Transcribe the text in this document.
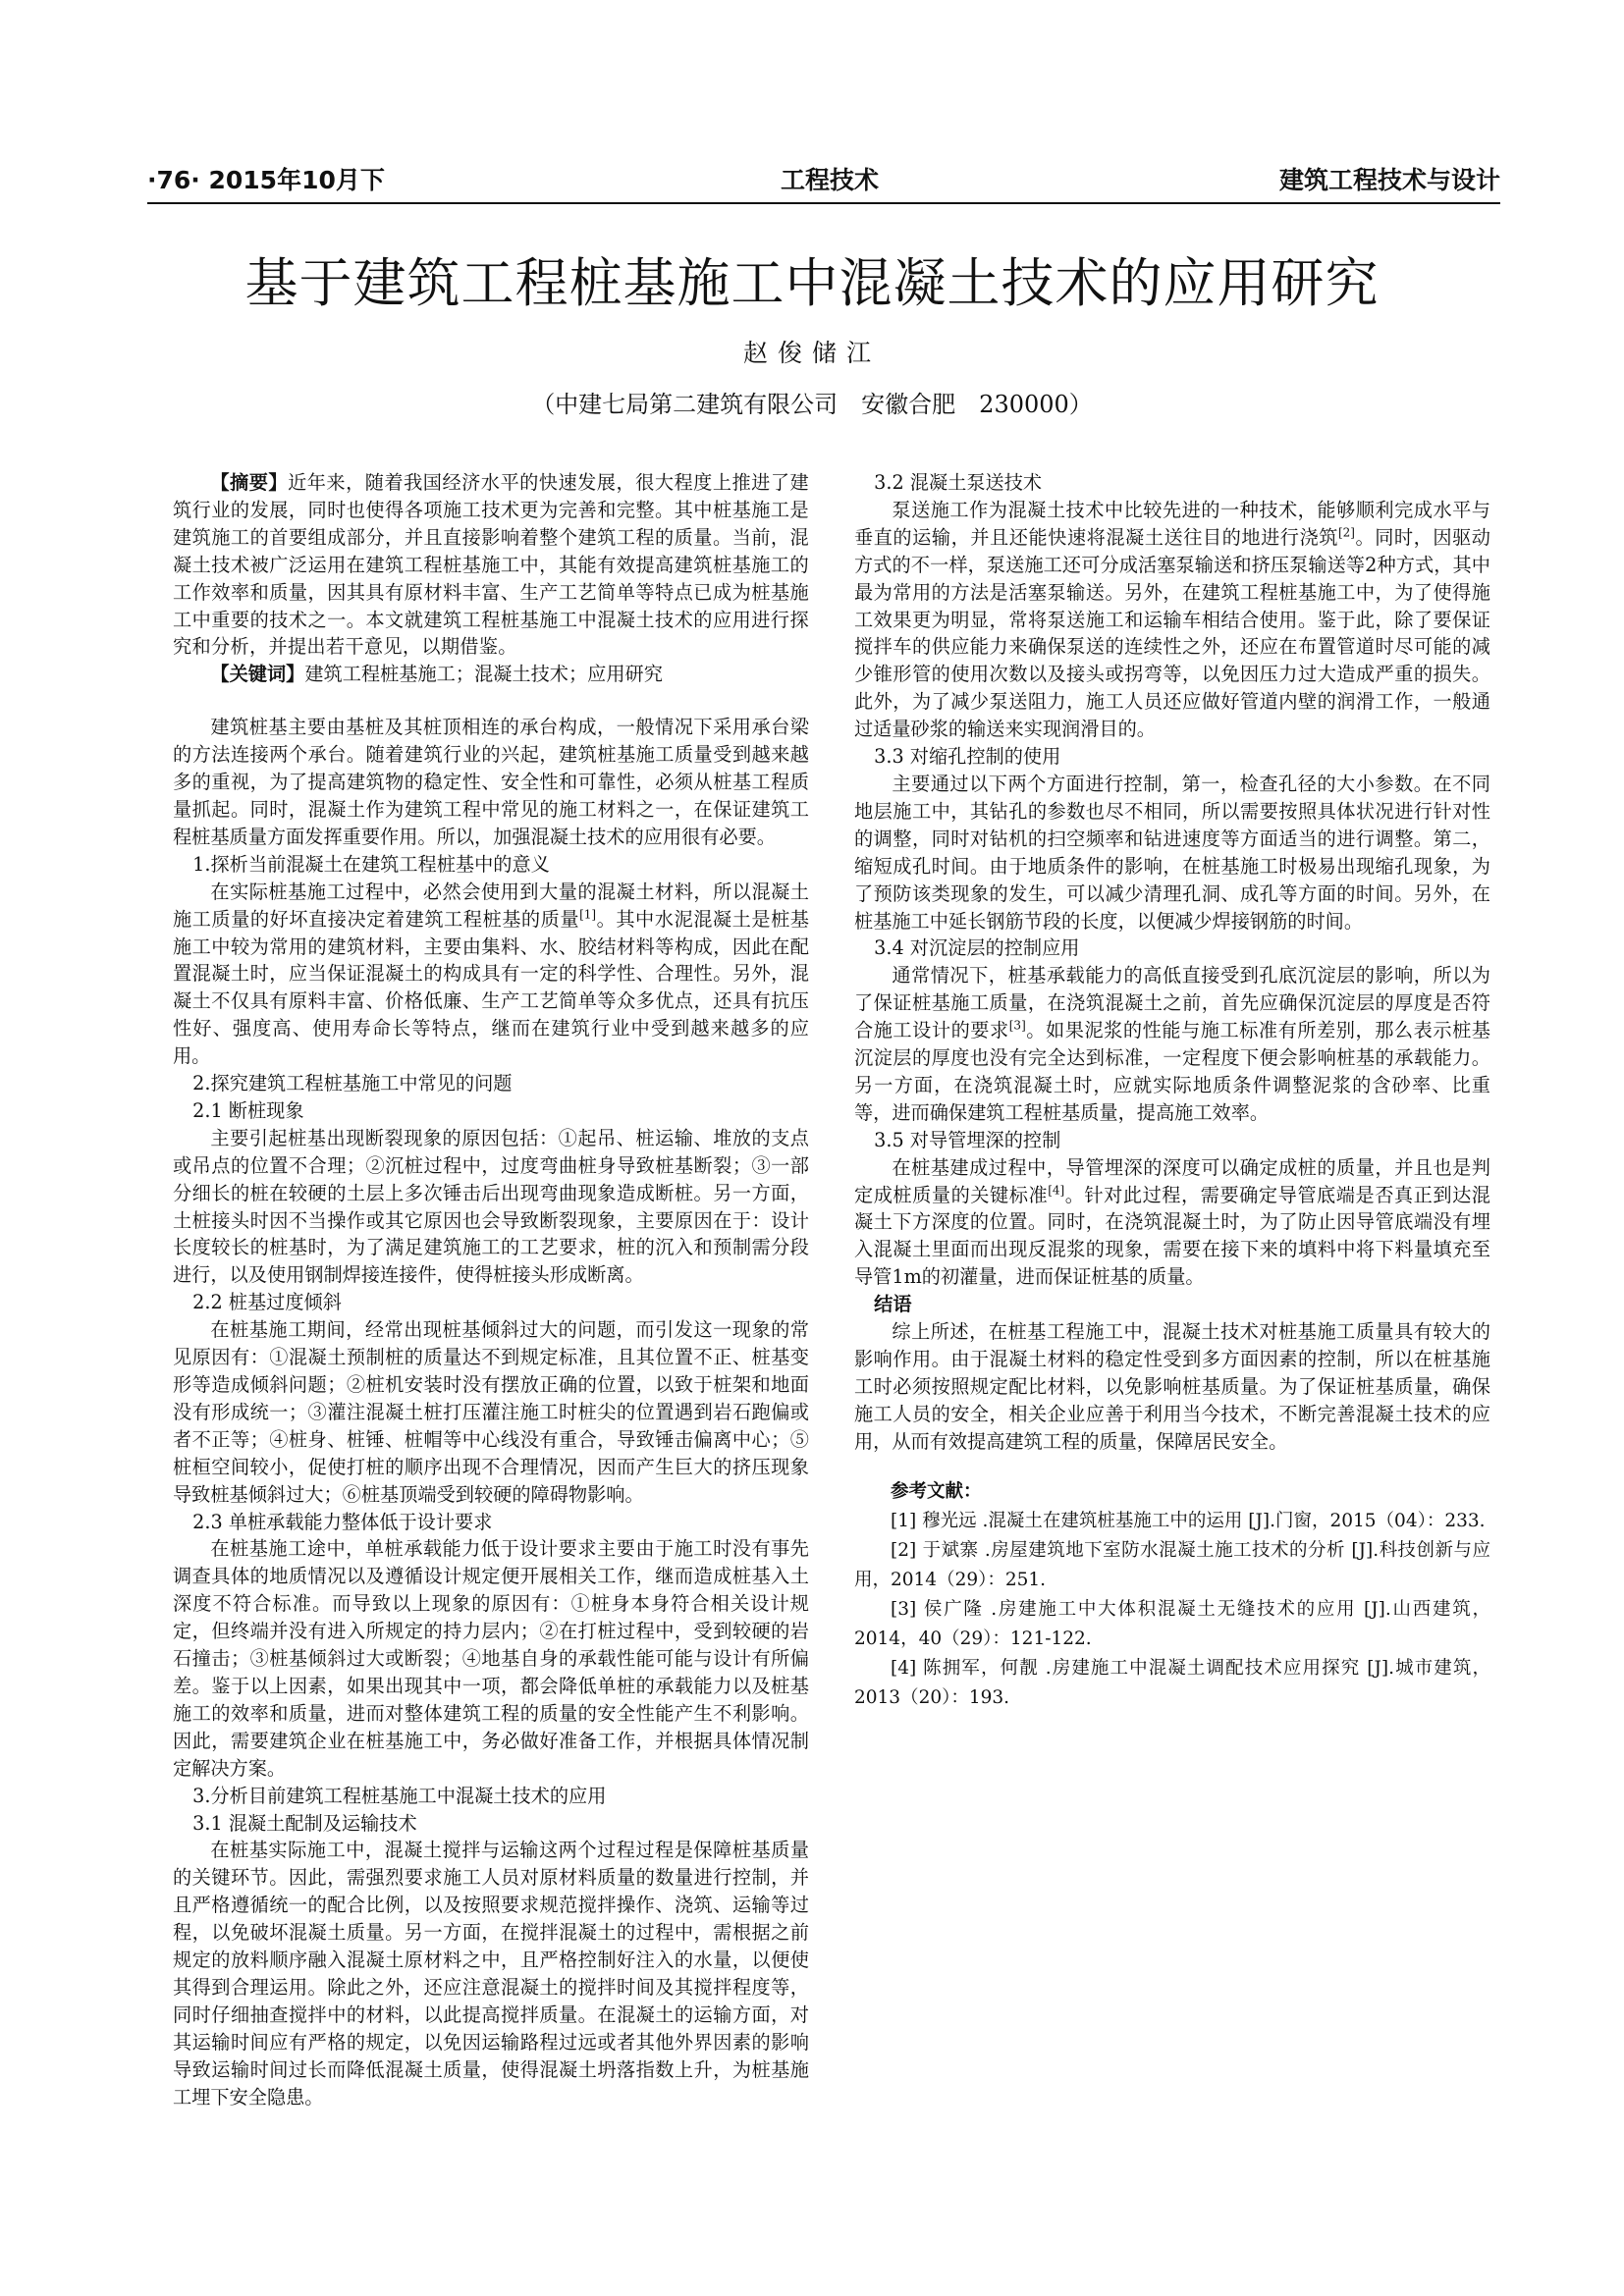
·76· 2015年10月下	工程技术	建筑工程技术与设计
基于建筑工程桩基施工中混凝土技术的应用研究
赵俊储江
（中建七局第二建筑有限公司　安徽合肥　230000）

【摘要】近年来，随着我国经济水平的快速发展，很大程度上推进了建筑行业的发展，同时也使得各项施工技术更为完善和完整。其中桩基施工是建筑施工的首要组成部分，并且直接影响着整个建筑工程的质量。当前，混凝土技术被广泛运用在建筑工程桩基施工中，其能有效提高建筑桩基施工的工作效率和质量，因其具有原材料丰富、生产工艺简单等特点已成为桩基施工中重要的技术之一。本文就建筑工程桩基施工中混凝土技术的应用进行探究和分析，并提出若干意见，以期借鉴。

【关键词】建筑工程桩基施工；混凝土技术；应用研究

建筑桩基主要由基桩及其桩顶相连的承台构成，一般情况下采用承台梁的方法连接两个承台。随着建筑行业的兴起，建筑桩基施工质量受到越来越多的重视，为了提高建筑物的稳定性、安全性和可靠性，必须从桩基工程质量抓起。同时，混凝土作为建筑工程中常见的施工材料之一，在保证建筑工程桩基质量方面发挥重要作用。所以，加强混凝土技术的应用很有必要。

1.探析当前混凝土在建筑工程桩基中的意义

在实际桩基施工过程中，必然会使用到大量的混凝土材料，所以混凝土施工质量的好坏直接决定着建筑工程桩基的质量[1]。其中水泥混凝土是桩基施工中较为常用的建筑材料，主要由集料、水、胶结材料等构成，因此在配置混凝土时，应当保证混凝土的构成具有一定的科学性、合理性。另外，混凝土不仅具有原料丰富、价格低廉、生产工艺简单等众多优点，还具有抗压性好、强度高、使用寿命长等特点，继而在建筑行业中受到越来越多的应用。

2.探究建筑工程桩基施工中常见的问题

2.1 断桩现象

主要引起桩基出现断裂现象的原因包括：①起吊、桩运输、堆放的支点或吊点的位置不合理；②沉桩过程中，过度弯曲桩身导致桩基断裂；③一部分细长的桩在较硬的土层上多次锤击后出现弯曲现象造成断桩。另一方面，土桩接头时因不当操作或其它原因也会导致断裂现象，主要原因在于：设计长度较长的桩基时，为了满足建筑施工的工艺要求，桩的沉入和预制需分段进行，以及使用钢制焊接连接件，使得桩接头形成断离。

2.2 桩基过度倾斜

在桩基施工期间，经常出现桩基倾斜过大的问题，而引发这一现象的常见原因有：①混凝土预制桩的质量达不到规定标准，且其位置不正、桩基变形等造成倾斜问题；②桩机安装时没有摆放正确的位置，以致于桩架和地面没有形成统一；③灌注混凝土桩打压灌注施工时桩尖的位置遇到岩石跑偏或者不正等；④桩身、桩锤、桩帽等中心线没有重合，导致锤击偏离中心；⑤桩桓空间较小，促使打桩的顺序出现不合理情况，因而产生巨大的挤压现象导致桩基倾斜过大；⑥桩基顶端受到较硬的障碍物影响。

2.3 单桩承载能力整体低于设计要求

在桩基施工途中，单桩承载能力低于设计要求主要由于施工时没有事先调查具体的地质情况以及遵循设计规定便开展相关工作，继而造成桩基入土深度不符合标准。而导致以上现象的原因有：①桩身本身符合相关设计规定，但终端并没有进入所规定的持力层内；②在打桩过程中，受到较硬的岩石撞击；③桩基倾斜过大或断裂；④地基自身的承载性能可能与设计有所偏差。鉴于以上因素，如果出现其中一项，都会降低单桩的承载能力以及桩基施工的效率和质量，进而对整体建筑工程的质量的安全性能产生不利影响。因此，需要建筑企业在桩基施工中，务必做好准备工作，并根据具体情况制定解决方案。

3.分析目前建筑工程桩基施工中混凝土技术的应用

3.1 混凝土配制及运输技术

在桩基实际施工中，混凝土搅拌与运输这两个过程过程是保障桩基质量的关键环节。因此，需强烈要求施工人员对原材料质量的数量进行控制，并且严格遵循统一的配合比例，以及按照要求规范搅拌操作、浇筑、运输等过程，以免破坏混凝土质量。另一方面，在搅拌混凝土的过程中，需根据之前规定的放料顺序融入混凝土原材料之中，且严格控制好注入的水量，以便使其得到合理运用。除此之外，还应注意混凝土的搅拌时间及其搅拌程度等，同时仔细抽查搅拌中的材料，以此提高搅拌质量。在混凝土的运输方面，对其运输时间应有严格的规定，以免因运输路程过远或者其他外界因素的影响导致运输时间过长而降低混凝土质量，使得混凝土坍落指数上升，为桩基施工埋下安全隐患。

3.2 混凝土泵送技术

泵送施工作为混凝土技术中比较先进的一种技术，能够顺利完成水平与垂直的运输，并且还能快速将混凝土送往目的地进行浇筑[2]。同时，因驱动方式的不一样，泵送施工还可分成活塞泵输送和挤压泵输送等2种方式，其中最为常用的方法是活塞泵输送。另外，在建筑工程桩基施工中，为了使得施工效果更为明显，常将泵送施工和运输车相结合使用。鉴于此，除了要保证搅拌车的供应能力来确保泵送的连续性之外，还应在布置管道时尽可能的减少锥形管的使用次数以及接头或拐弯等，以免因压力过大造成严重的损失。此外，为了减少泵送阻力，施工人员还应做好管道内壁的润滑工作，一般通过适量砂浆的输送来实现润滑目的。

3.3 对缩孔控制的使用

主要通过以下两个方面进行控制，第一，检查孔径的大小参数。在不同地层施工中，其钻孔的参数也尽不相同，所以需要按照具体状况进行针对性的调整，同时对钻机的扫空频率和钻进速度等方面适当的进行调整。第二，缩短成孔时间。由于地质条件的影响，在桩基施工时极易出现缩孔现象，为了预防该类现象的发生，可以减少清理孔洞、成孔等方面的时间。另外，在桩基施工中延长钢筋节段的长度，以便减少焊接钢筋的时间。

3.4 对沉淀层的控制应用

通常情况下，桩基承载能力的高低直接受到孔底沉淀层的影响，所以为了保证桩基施工质量，在浇筑混凝土之前，首先应确保沉淀层的厚度是否符合施工设计的要求[3]。如果泥浆的性能与施工标准有所差别，那么表示桩基沉淀层的厚度也没有完全达到标准，一定程度下便会影响桩基的承载能力。另一方面，在浇筑混凝土时，应就实际地质条件调整泥浆的含砂率、比重等，进而确保建筑工程桩基质量，提高施工效率。

3.5 对导管埋深的控制

在桩基建成过程中，导管埋深的深度可以确定成桩的质量，并且也是判定成桩质量的关键标准[4]。针对此过程，需要确定导管底端是否真正到达混凝土下方深度的位置。同时，在浇筑混凝土时，为了防止因导管底端没有埋入混凝土里面而出现反混浆的现象，需要在接下来的填料中将下料量填充至导管1m的初灌量，进而保证桩基的质量。

结语

综上所述，在桩基工程施工中，混凝土技术对桩基施工质量具有较大的影响作用。由于混凝土材料的稳定性受到多方面因素的控制，所以在桩基施工时必须按照规定配比材料，以免影响桩基质量。为了保证桩基质量，确保施工人员的安全，相关企业应善于利用当今技术，不断完善混凝土技术的应用，从而有效提高建筑工程的质量，保障居民安全。

参考文献：

[1] 穆光远 .混凝土在建筑桩基施工中的运用 [J].门窗，2015（04）：233.

[2] 于斌寨 .房屋建筑地下室防水混凝土施工技术的分析 [J].科技创新与应用，2014（29）：251.

[3] 侯广隆 .房建施工中大体积混凝土无缝技术的应用 [J].山西建筑，2014，40（29）：121-122.

[4] 陈拥军，何靓 .房建施工中混凝土调配技术应用探究 [J].城市建筑，2013（20）：193.
